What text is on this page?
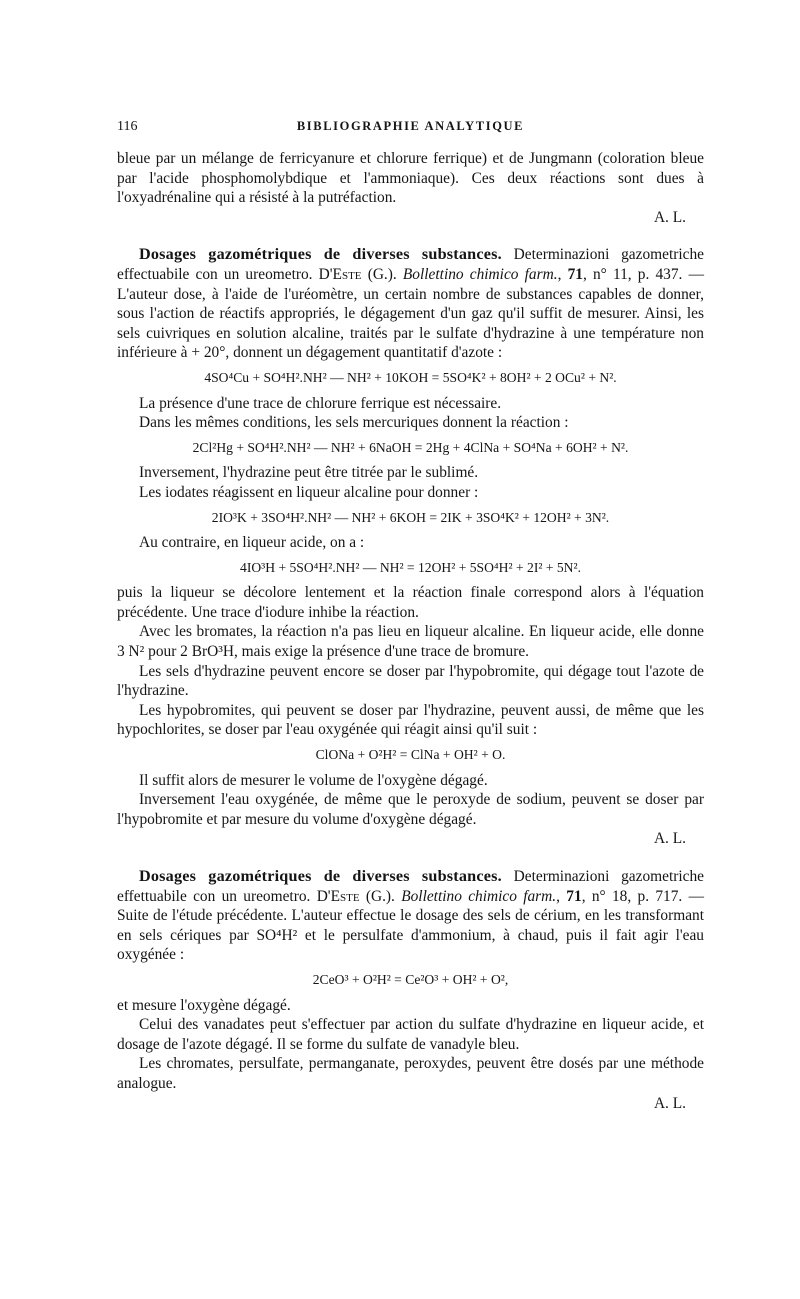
116	BIBLIOGRAPHIE ANALYTIQUE

bleue par un mélange de ferricyanure et chlorure ferrique) et de Jungmann (coloration bleue par l'acide phosphomolybdique et l'ammoniaque). Ces deux réactions sont dues à l'oxyadrénaline qui a résisté à la putréfaction.

A. L.

Dosages gazométriques de diverses substances. Determinazioni gazometriche effectuabile con un ureometro. D'Este (G.). Bollettino chimico farm., 71, n° 11, p. 437. — L'auteur dose, à l'aide de l'uréomètre, un certain nombre de substances capables de donner, sous l'action de réactifs appropriés, le dégagement d'un gaz qu'il suffit de mesurer. Ainsi, les sels cuivriques en solution alcaline, traités par le sulfate d'hydrazine à une température non inférieure à + 20°, donnent un dégagement quantitatif d'azote :

4SO⁴Cu + SO⁴H².NH² — NH² + 10KOH = 5SO⁴K² + 8OH² + 2 OCu² + N².

La présence d'une trace de chlorure ferrique est nécessaire.

Dans les mêmes conditions, les sels mercuriques donnent la réaction :

2Cl²Hg + SO⁴H².NH² — NH² + 6NaOH = 2Hg + 4ClNa + SO⁴Na + 6OH² + N².

Inversement, l'hydrazine peut être titrée par le sublimé.

Les iodates réagissent en liqueur alcaline pour donner :

2IO³K + 3SO⁴H².NH² — NH² + 6KOH = 2IK + 3SO⁴K² + 12OH² + 3N².

Au contraire, en liqueur acide, on a :

4IO³H + 5SO⁴H².NH² — NH² = 12OH² + 5SO⁴H² + 2I² + 5N².

puis la liqueur se décolore lentement et la réaction finale correspond alors à l'équation précédente. Une trace d'iodure inhibe la réaction.

Avec les bromates, la réaction n'a pas lieu en liqueur alcaline. En liqueur acide, elle donne 3 N² pour 2 BrO³H, mais exige la présence d'une trace de bromure.

Les sels d'hydrazine peuvent encore se doser par l'hypobromite, qui dégage tout l'azote de l'hydrazine.

Les hypobromites, qui peuvent se doser par l'hydrazine, peuvent aussi, de même que les hypochlorites, se doser par l'eau oxygénée qui réagit ainsi qu'il suit :

ClONa + O²H² = ClNa + OH² + O.

Il suffit alors de mesurer le volume de l'oxygène dégagé.

Inversement l'eau oxygénée, de même que le peroxyde de sodium, peuvent se doser par l'hypobromite et par mesure du volume d'oxygène dégagé.

A. L.

Dosages gazométriques de diverses substances. Determinazioni gazometriche effettuabile con un ureometro. D'Este (G.). Bollettino chimico farm., 71, n° 18, p. 717. — Suite de l'étude précédente. L'auteur effectue le dosage des sels de cérium, en les transformant en sels cériques par SO⁴H² et le persulfate d'ammonium, à chaud, puis il fait agir l'eau oxygénée :

2CeO³ + O²H² = Ce²O³ + OH² + O²,

et mesure l'oxygène dégagé.

Celui des vanadates peut s'effectuer par action du sulfate d'hydrazine en liqueur acide, et dosage de l'azote dégagé. Il se forme du sulfate de vanadyle bleu.

Les chromates, persulfate, permanganate, peroxydes, peuvent être dosés par une méthode analogue.

A. L.
